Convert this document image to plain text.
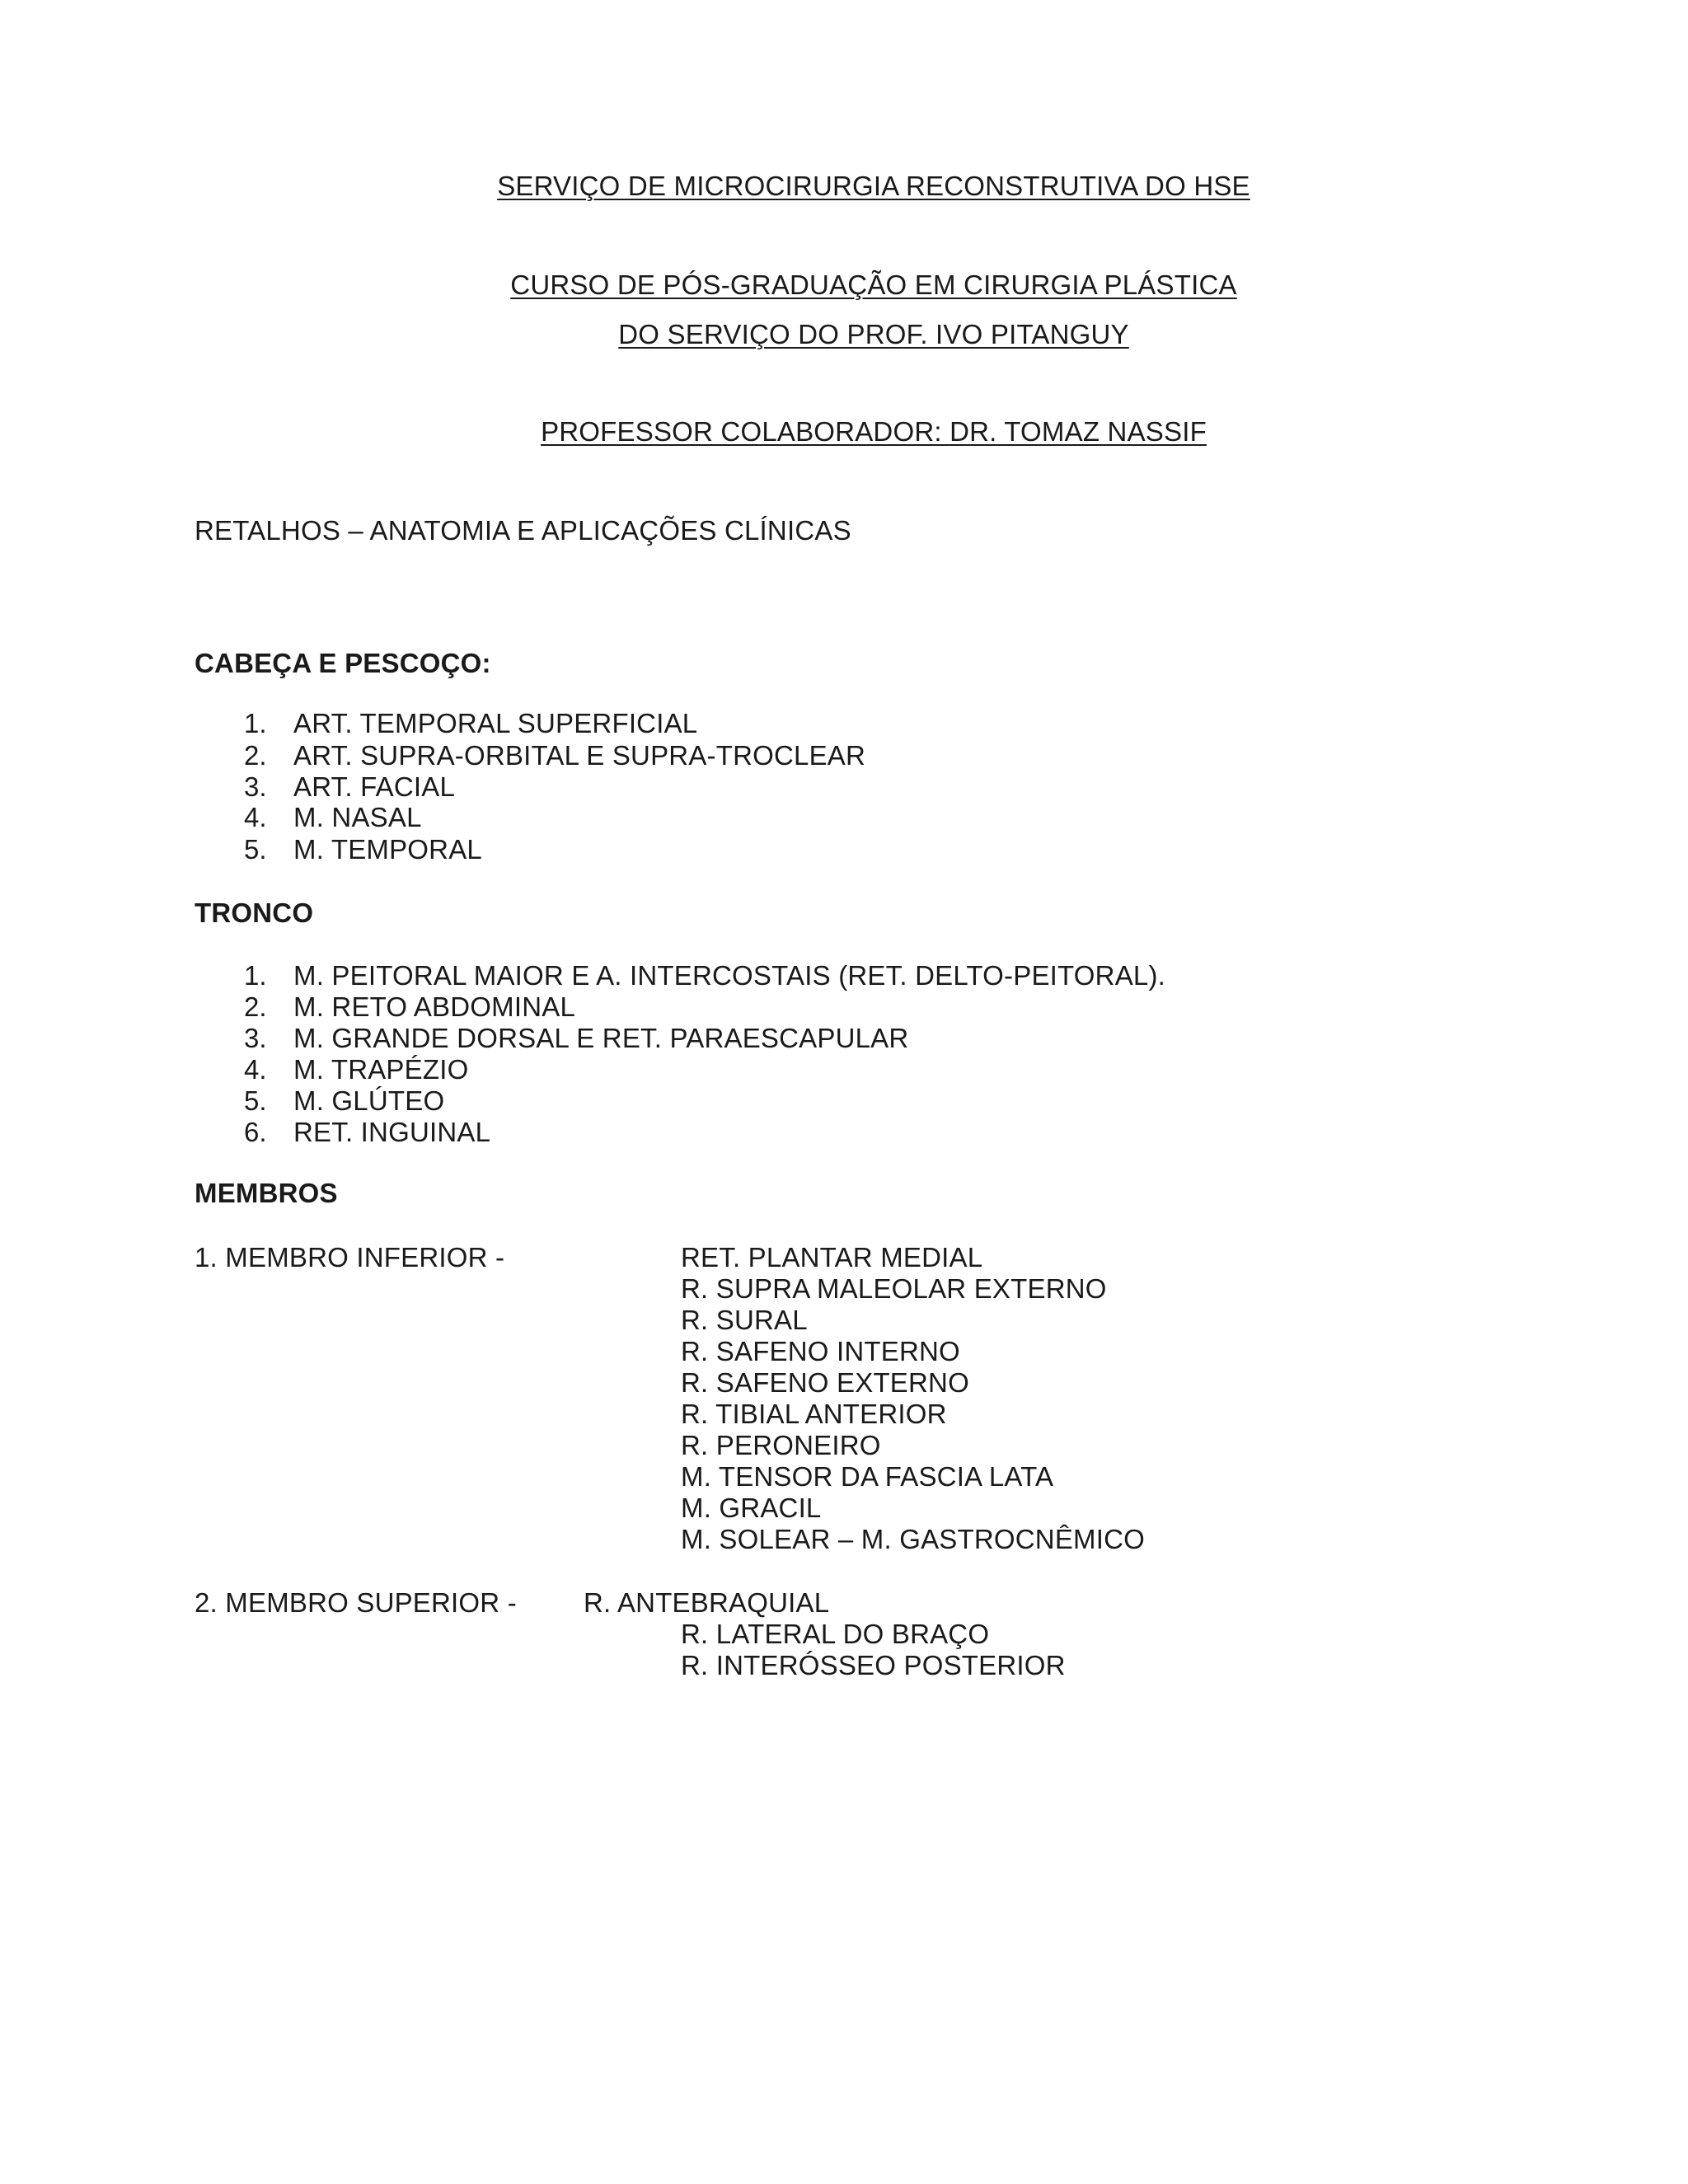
SERVIÇO DE MICROCIRURGIA RECONSTRUTIVA DO HSE
CURSO DE PÓS-GRADUAÇÃO EM CIRURGIA PLÁSTICA
DO SERVIÇO DO PROF. IVO PITANGUY
PROFESSOR COLABORADOR: DR. TOMAZ NASSIF
RETALHOS – ANATOMIA E APLICAÇÕES CLÍNICAS
CABEÇA E PESCOÇO:
1. ART. TEMPORAL SUPERFICIAL
2. ART. SUPRA-ORBITAL E SUPRA-TROCLEAR
3. ART. FACIAL
4. M. NASAL
5. M. TEMPORAL
TRONCO
1. M. PEITORAL MAIOR E A. INTERCOSTAIS (RET. DELTO-PEITORAL).
2. M. RETO ABDOMINAL
3. M. GRANDE DORSAL E RET. PARAESCAPULAR
4. M. TRAPÉZIO
5. M. GLÚTEO
6. RET. INGUINAL
MEMBROS
1. MEMBRO INFERIOR -	RET. PLANTAR MEDIAL
R. SUPRA MALEOLAR EXTERNO
R. SURAL
R. SAFENO INTERNO
R. SAFENO EXTERNO
R. TIBIAL ANTERIOR
R. PERONEIRO
M. TENSOR DA FASCIA LATA
M. GRACIL
M. SOLEAR – M. GASTROCNÊMICO
2. MEMBRO SUPERIOR - R. ANTEBRAQUIAL
R. LATERAL DO BRAÇO
R. INTERÓSSEO POSTERIOR
